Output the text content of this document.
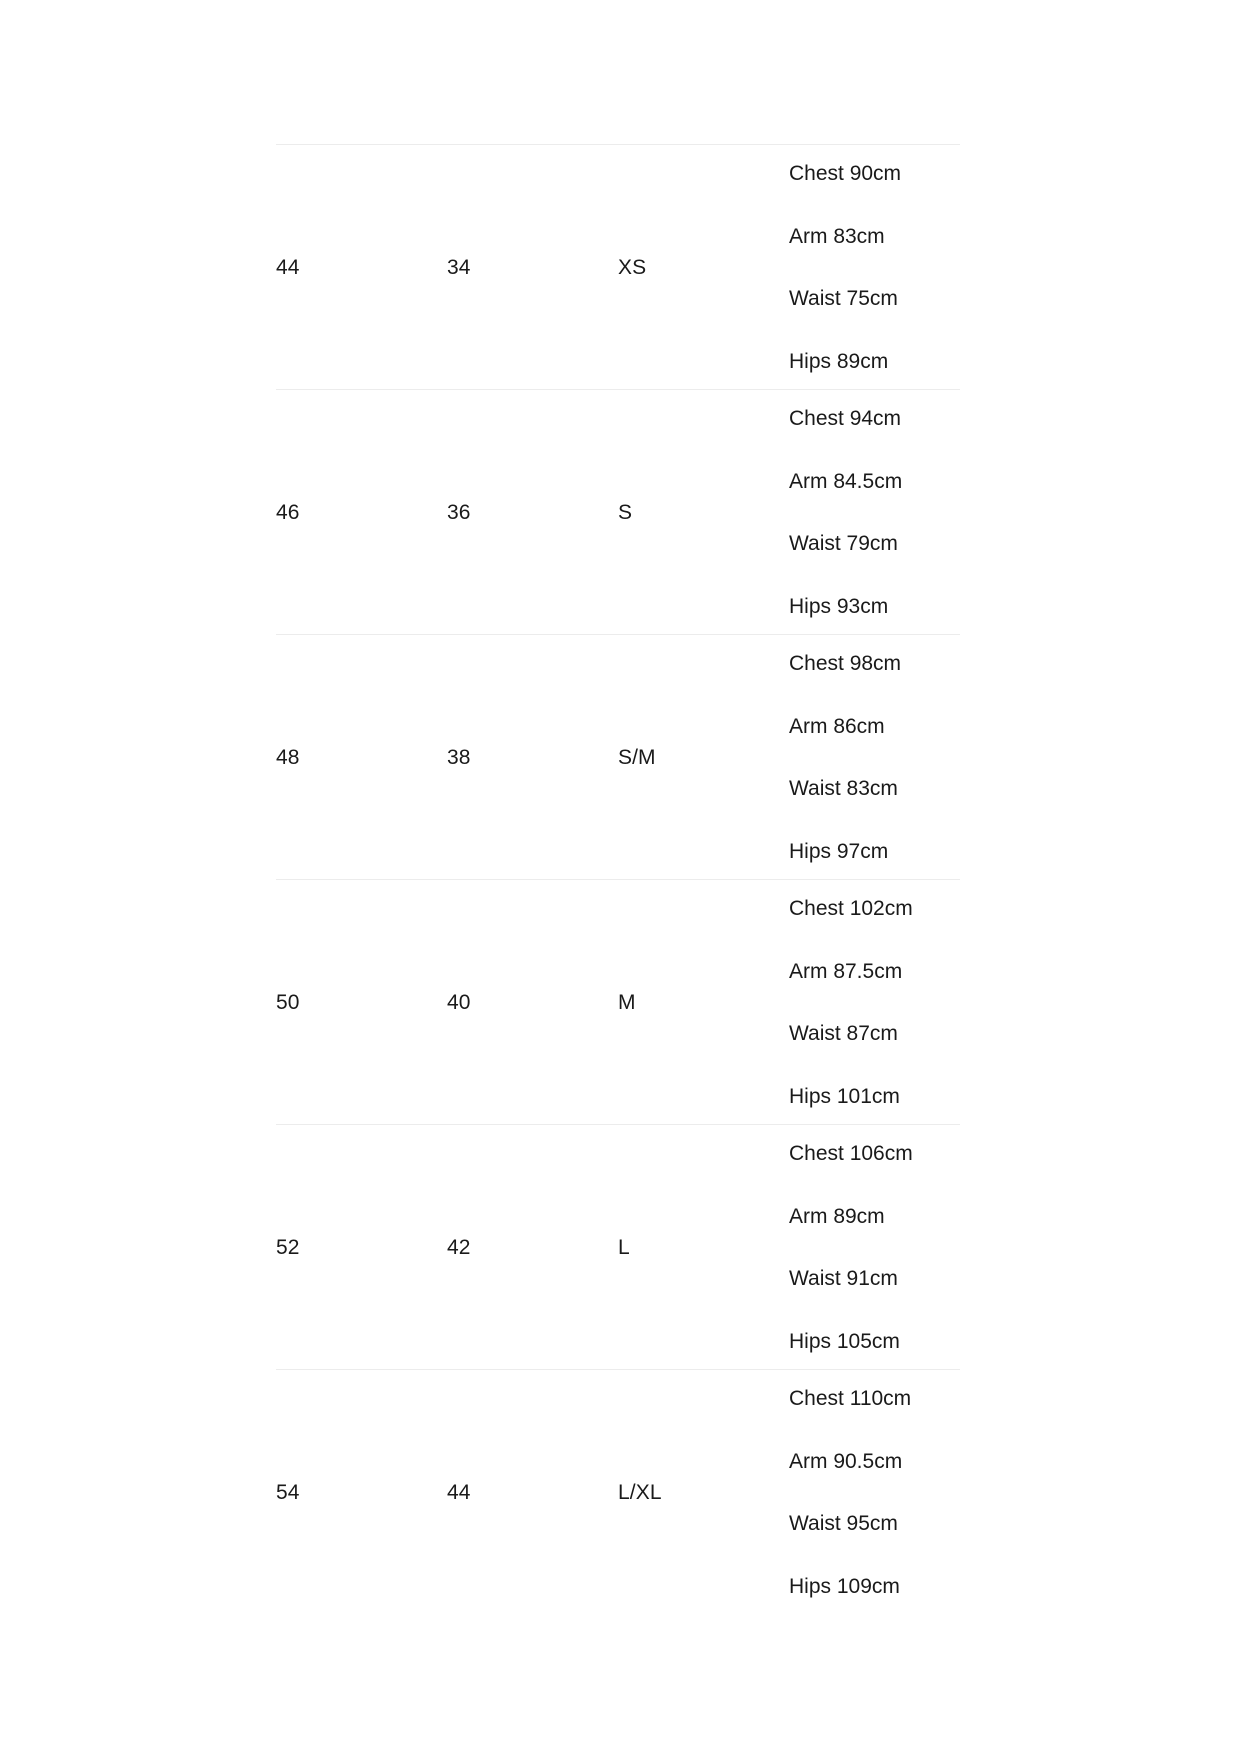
44	34	XS
Chest 90cm
Arm 83cm
Waist 75cm
Hips 89cm
46	36	S
Chest 94cm
Arm 84.5cm
Waist 79cm
Hips 93cm
48	38	S/M
Chest 98cm
Arm 86cm
Waist 83cm
Hips 97cm
50	40	M
Chest 102cm
Arm 87.5cm
Waist 87cm
Hips 101cm
52	42	L
Chest 106cm
Arm 89cm
Waist 91cm
Hips 105cm
54	44	L/XL
Chest 110cm
Arm 90.5cm
Waist 95cm
Hips 109cm
